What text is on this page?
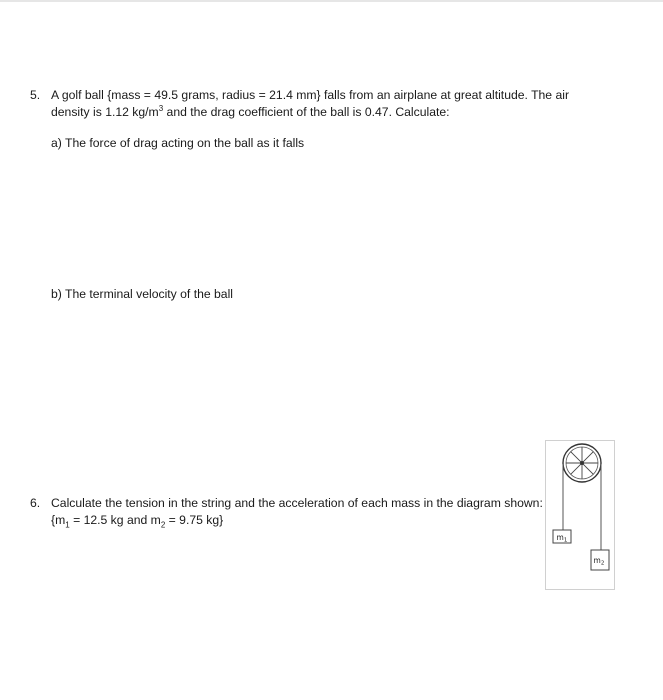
5. A golf ball {mass = 49.5 grams, radius = 21.4 mm} falls from an airplane at great altitude. The air
density is 1.12 $kg/m^3$ and the drag coefficient of the ball is 0.47. Calculate:
a) The force of drag acting on the ball as it falls
b) The terminal velocity of the ball
6. Calculate the tension in the string and the acceleration of each mass in the diagram shown:
{$m_1 = 12.5$ kg and $m_2 = 9.75$ kg}
$m_1$
$m_2$
